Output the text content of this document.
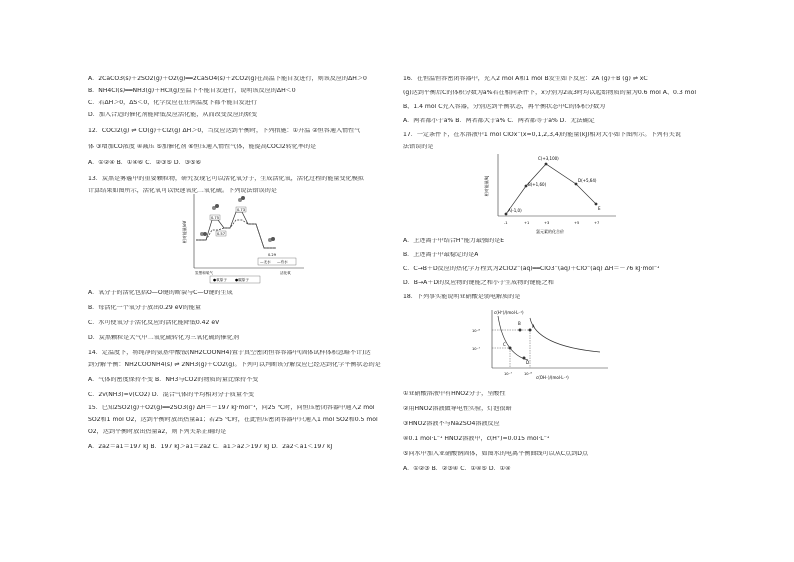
A．2CaCO3(s)＋2SO2(g)＋O2(g)══2CaSO4(s)＋2CO2(g)在高温下能自发进行，则该反应的ΔH＞0
B．NH4Cl(s)══NH3(g)＋HCl(g)室温下不能自发进行，说明该反应的ΔH＜0
C．若ΔH＞0，ΔS＜0，化学反应在任何温度下都不能自发进行
D．加入合适的催化剂能降低反应活化能，从而改变反应的焓变
12．COCl2(g) ⇌ CO(g)＋Cl2(g) ΔH＞0，当反应达到平衡时，下列措施：①升温 ②恒容通入惰性气
体 ③增加CO浓度 ④减压 ⑤加催化剂 ⑥恒压通入惰性气体，能提高COCl2转化率的是
A．①②④ B．①④⑥ C．②③⑤ D．③⑤⑥
13．炭黑是雾霾中的重要颗粒物，研究发现它可以活化氧分子，生成活化氧，活化过程的能量变化模拟
计算结果如图所示，活化氧可以快速氧化二氧化硫。下列说法错误的是
A．氧分子的活化包括O—O键的断裂与C—O键的生成
B．每活化一个氧分子放出0.29 eV的能量
C．水可使氧分子活化反应的活化能降低0.42 eV
D．炭黑颗粒是大气中二氧化硫转化为三氧化硫的催化剂
14．定温度下，将纯净的氨基甲酸铵(NH2COONH4)置于真空密闭恒容容器中(固体试样体积忽略不计)达
到分解平衡：NH2COONH4(s) ⇌ 2NH3(g)＋CO2(g)。下列可以判断该分解反应已经达到化学平衡状态的是
A．气体的密度保持不变 B．NH3与CO2的物质的量比保持不变
C．2v(NH3)=v(CO2) D．混合气体的平均相对分子质量不变
15．已知2SO2(g)＋O2(g)══2SO3(g) ΔH＝－197 kJ·mol⁻¹，向25 ℃时，向恒压密闭容器中通入2 mol
SO2和1 mol O2，达到平衡时放出热量a1；若25 ℃时，在此恒压密闭容器中只通入1 mol SO2和0.5 mol
O2，达到平衡时放出热量a2，则下列关系正确的是
A．2a2＝a1＝197 kJ B．197 kJ＞a1＝2a2 C．a1＞a2＞197 kJ D．2a2＜a1＜197 kJ
相对能量/eV
0.75
0.57
0.73
0.29
—无水 —有水
炭黑和氧气	活化氧
●氧原子 ●碳原子
16．在恒温恒容密闭容器中，充入2 mol A和1 mol B发生如下反应：2A (g)＋B (g) ⇌ xC
(g)达到平衡后C的体积分数为a%若在相同条件下，x分别为2或3时均以起始物质的量为0.6 mol A、0.3 mol
B、1.4 mol C充入容器，分别达到平衡状态，再平衡状态中C的体积分数为
A．两者都小于a% B．两者都大于a% C．两者都等于a% D．无法确定
17．一定条件下，在水溶液中1 mol ClOx⁻(x=0,1,2,3,4)的能量(kJ)相对大小如下图所示。下列有关说
法错误的是
A．上述离子中结合H⁺能力最强的是E
B．上述离子中最稳定的是A
C．C→B＋D反应的热化学方程式为2ClO2⁻(aq)══ClO3⁻(aq)＋ClO⁻(aq) ΔH＝－76 kJ·mol⁻¹
D．B→A＋D的反应物的键能之和小于生成物的键能之和
18．下列事实能说明亚硝酸是弱电解质的是
①亚硝酸溶液中有HNO2分子，呈酸性
②用HNO2溶液做导电性实验，灯泡很暗
③HNO2溶液不与Na2SO4溶液反应
④0.1 mol·L⁻¹ HNO2溶液中，c(H⁺)=0.015 mol·L⁻¹
⑤向水中加入亚硝酸钠固体，如图水的电离平衡曲线可以从C点到D点
A．①②③ B．②③④ C．①④⑤ D．①④
相对能量/kJ
A(-1,0)
B(+1,60)
C(+3,100)
D(+5,64)
E
-1	+1	+3	+5	+7
氯元素的化合价
c(H⁺)/(mol·L⁻¹)
c(OH⁻)/(mol·L⁻¹)
10⁻⁶
10⁻⁷
10⁻⁷	10⁻⁶
A
B
C
D
